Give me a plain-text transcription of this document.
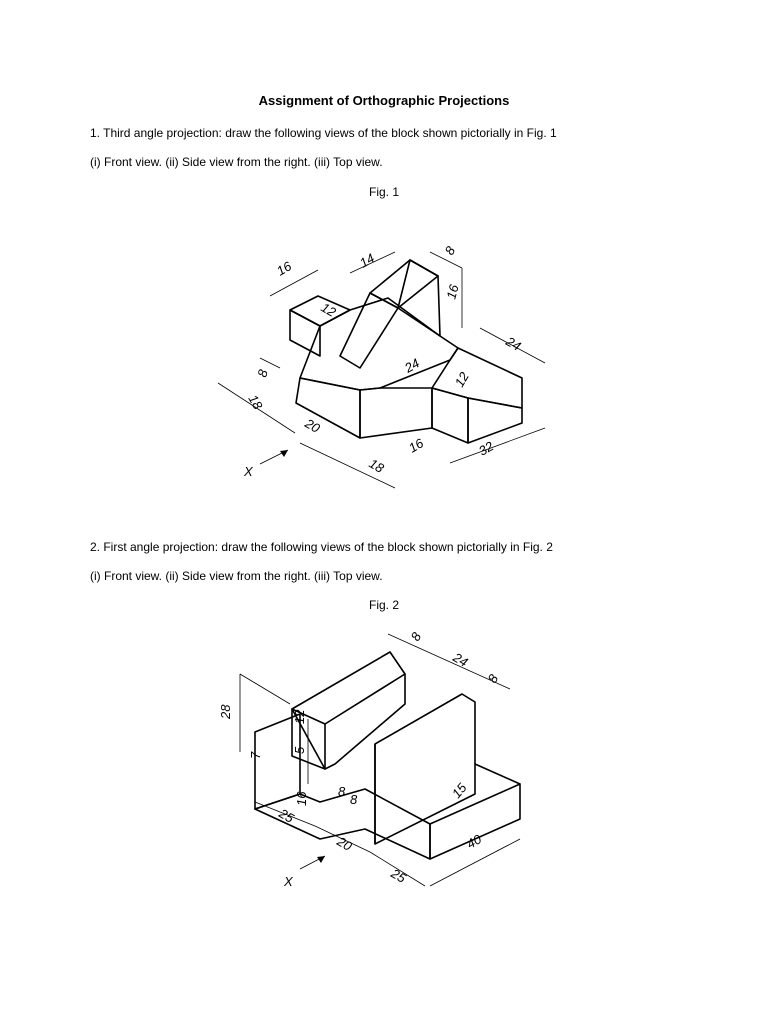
Assignment of Orthographic Projections
1. Third angle projection: draw the following views of the block shown pictorially in Fig. 1
(i) Front view. (ii) Side view from the right. (iii) Top view.
Fig. 1
16	14	8
12
16
24
8	24
12
18
20
18
16	32
X
2. First angle projection: draw the following views of the block shown pictorially in Fig. 2
(i) Front view. (ii) Side view from the right. (iii) Top view.
Fig. 2
8
24
8
28	12
5
7
15
16 8
8
25
20
25
40
X
